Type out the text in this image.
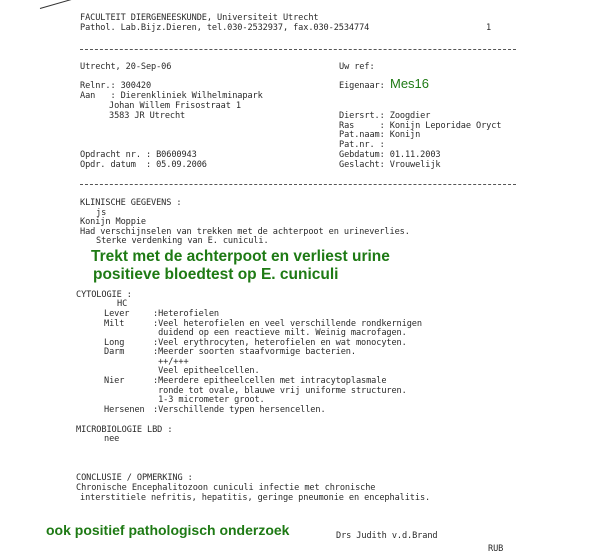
FACULTEIT DIERGENEESKUNDE, Universiteit Utrecht
Pathol. Lab.Bijz.Dieren, tel.030-2532937, fax.030-2534774	1
Utrecht, 20-Sep-06	Uw ref:
Relnr.: 300420	Eigenaar: Mes16
Aan   : Dierenkliniek Wilhelminapark
Johan Willem Frisostraat 1
3583 JR Utrecht	Diersrt.: Zoogdier
Ras     : Konijn Leporidae Oryct
Pat.naam: Konijn
Pat.nr. :
Opdracht nr. : B0600943	Gebdatum: 01.11.2003
Opdr. datum  : 05.09.2006	Geslacht: Vrouwelijk
KLINISCHE GEGEVENS :
js
Konijn Moppie
Had verschijnselen van trekken met de achterpoot en urineverlies.
Sterke verdenking van E. cuniculi.
Trekt met de achterpoot en verliest urine
positieve bloedtest op E. cuniculi
CYTOLOGIE :
HC
Lever	:Heterofielen
Milt	:Veel heterofielen en veel verschillende rondkernigen
duidend op een reactieve milt. Weinig macrofagen.
Long	:Veel erythrocyten, heterofielen en wat monocyten.
Darm	:Meerder soorten staafvormige bacterien.
++/+++
Veel epitheelcellen.
Nier	:Meerdere epitheelcellen met intracytoplasmale
ronde tot ovale, blauwe vrij uniforme structuren.
1-3 micrometer groot.
Hersenen :Verschillende typen hersencellen.
MICROBIOLOGIE LBD :
nee
CONCLUSIE / OPMERKING :
Chronische Encephalitozoon cuniculi infectie met chronische
interstitiele nefritis, hepatitis, geringe pneumonie en encephalitis.
ook positief pathologisch onderzoek	Drs Judith v.d.Brand
RUB
